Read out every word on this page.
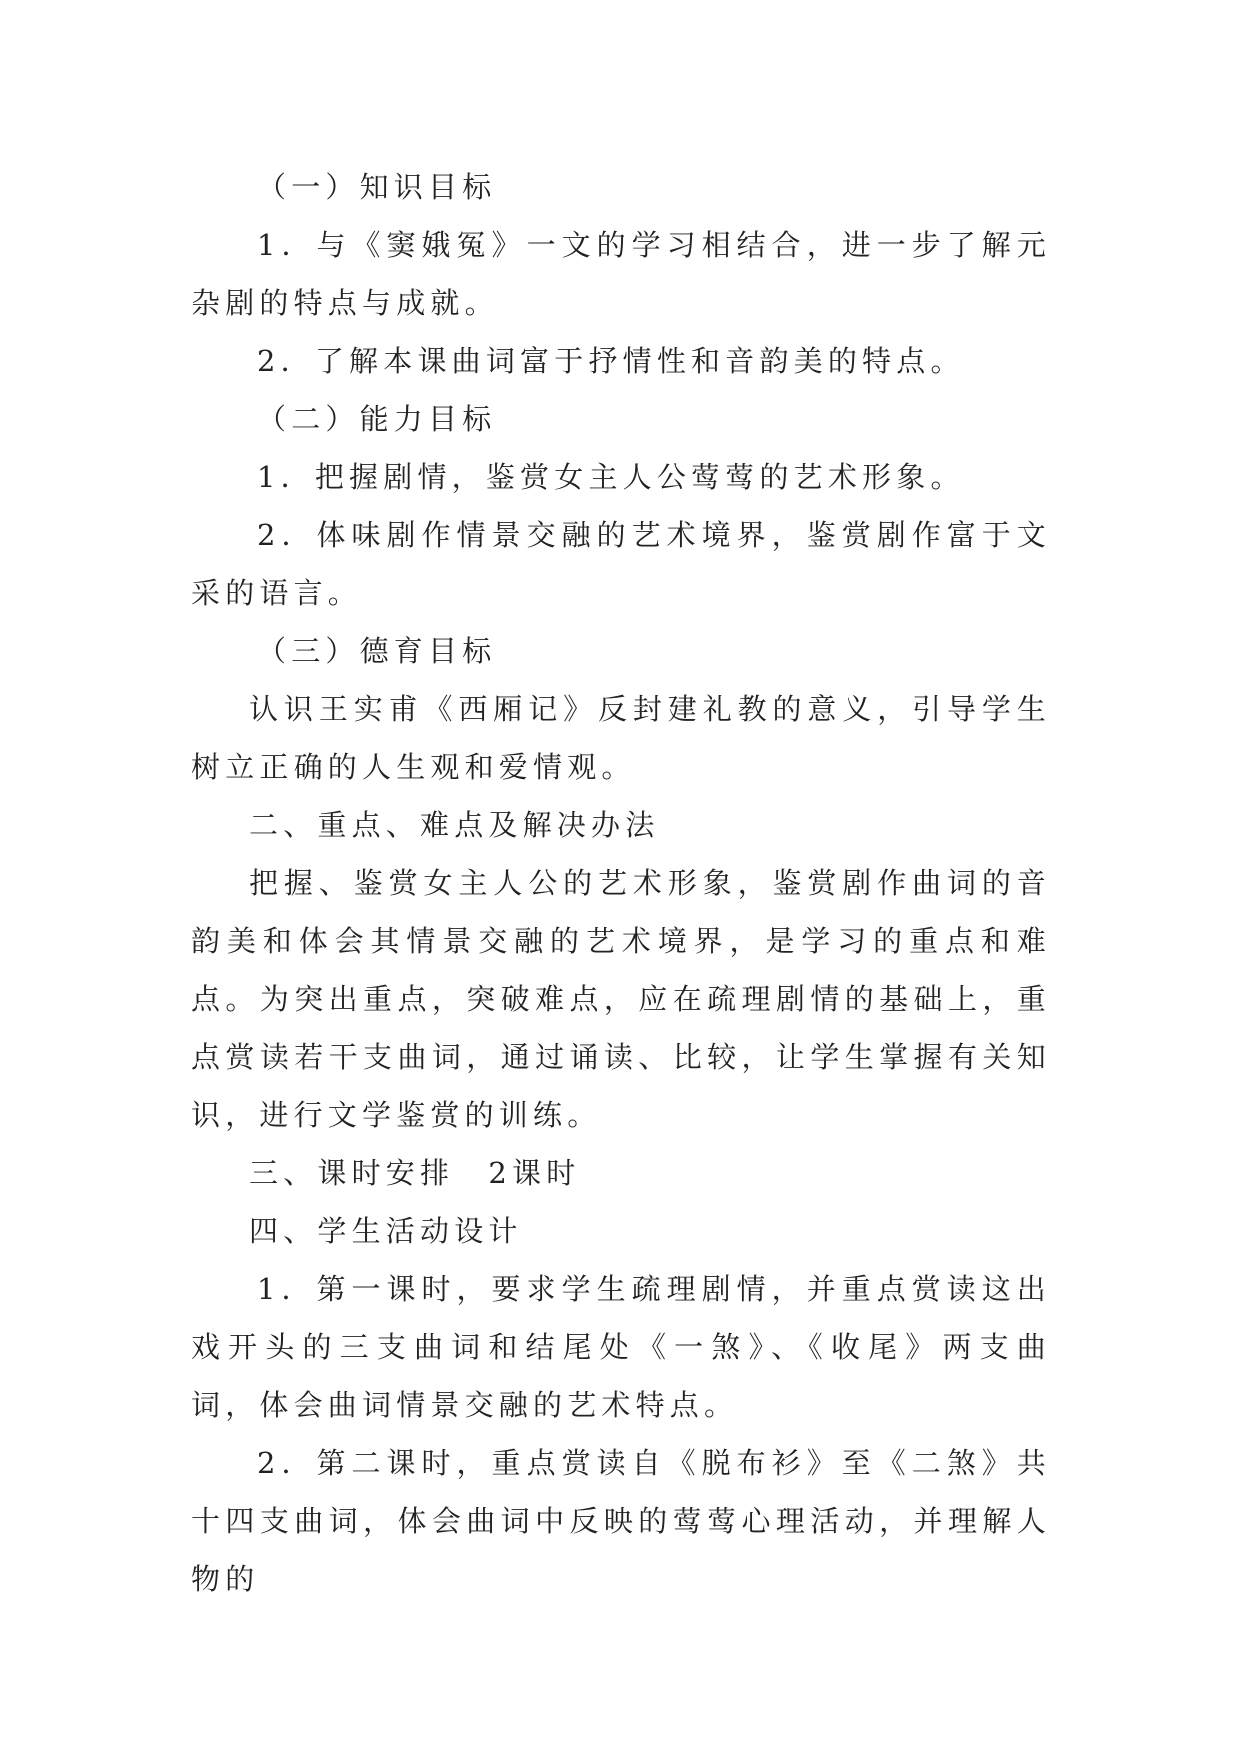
（一）知识目标

1．与《窦娥冤》一文的学习相结合，进一步了解元杂剧的特点与成就。

2．了解本课曲词富于抒情性和音韵美的特点。

（二）能力目标

1．把握剧情，鉴赏女主人公莺莺的艺术形象。

2．体味剧作情景交融的艺术境界，鉴赏剧作富于文采的语言。

（三）德育目标

认识王实甫《西厢记》反封建礼教的意义，引导学生树立正确的人生观和爱情观。

二、重点、难点及解决办法

把握、鉴赏女主人公的艺术形象，鉴赏剧作曲词的音韵美和体会其情景交融的艺术境界，是学习的重点和难点。为突出重点，突破难点，应在疏理剧情的基础上，重点赏读若干支曲词，通过诵读、比较，让学生掌握有关知识，进行文学鉴赏的训练。

三、课时安排　2课时

四、学生活动设计

1．第一课时，要求学生疏理剧情，并重点赏读这出戏开头的三支曲词和结尾处《一煞》、《收尾》两支曲词，体会曲词情景交融的艺术特点。

2．第二课时，重点赏读自《脱布衫》至《二煞》共十四支曲词，体会曲词中反映的莺莺心理活动，并理解人物的
